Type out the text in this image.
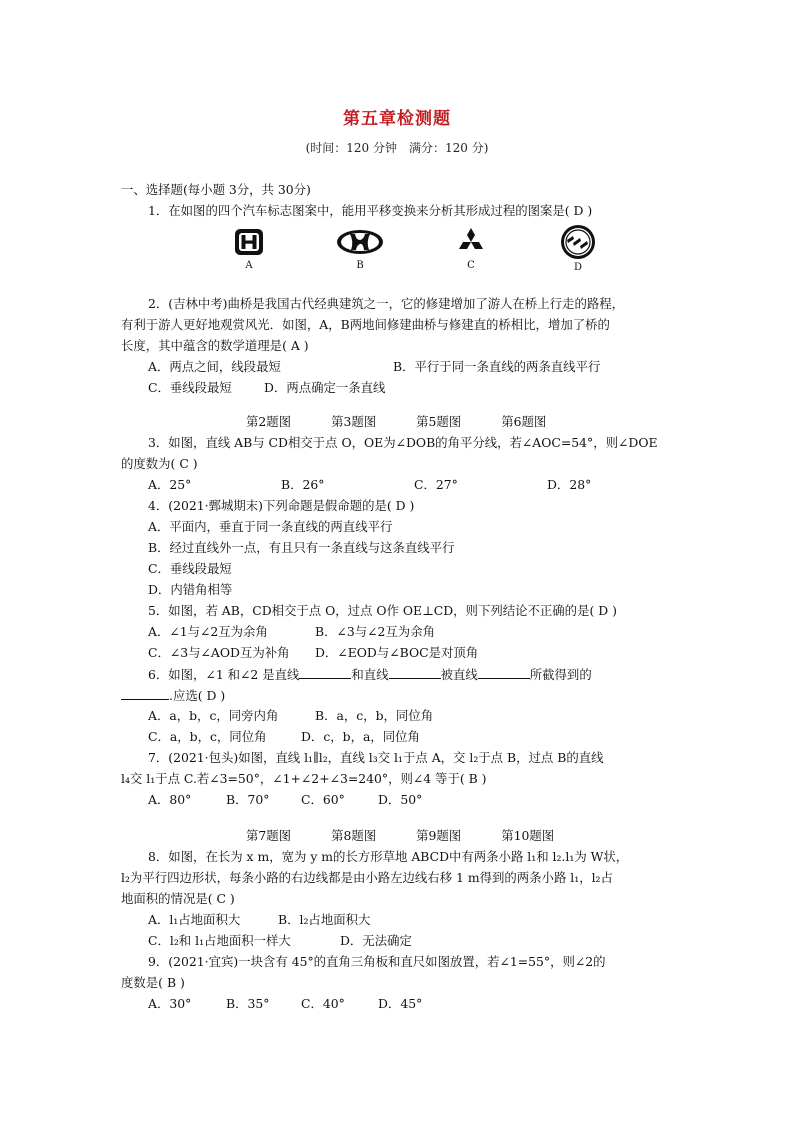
第五章检测题
(时间：120 分钟　满分：120 分)
一、选择题(每小题 3分，共 30分)
1．在如图的四个汽车标志图案中，能用平移变换来分析其形成过程的图案是( D )
A	B	C	D
2．(吉林中考)曲桥是我国古代经典建筑之一，它的修建增加了游人在桥上行走的路程，
有利于游人更好地观赏风光．如图，A，B两地间修建曲桥与修建直的桥相比，增加了桥的
长度，其中蕴含的数学道理是( A )
A．两点之间，线段最短	B．平行于同一条直线的两条直线平行
C．垂线段最短	D．两点确定一条直线
第2题图	第3题图	第5题图	第6题图
3．如图，直线 AB与 CD相交于点 O，OE为∠DOB的角平分线，若∠AOC=54°，则∠DOE
的度数为( C )
A．25°	B．26°	C．27°	D．28°
4．(2021·鄄城期末)下列命题是假命题的是( D )
A．平面内，垂直于同一条直线的两直线平行
B．经过直线外一点，有且只有一条直线与这条直线平行
C．垂线段最短
D．内错角相等
5．如图，若 AB，CD相交于点 O，过点 O作 OE⊥CD，则下列结论不正确的是( D )
A．∠1与∠2互为余角	B．∠3与∠2互为余角
C．∠3与∠AOD互为补角 D．∠EOD与∠BOC是对顶角
6．如图，∠1 和∠2 是直线	和直线	被直线	所截得到的
.应选( D )
A．a，b，c，同旁内角	B．a，c，b，同位角
C．a，b，c，同位角	D．c，b，a，同位角
7．(2021·包头)如图，直线 l₁∥l₂，直线 l₃交 l₁于点 A，交 l₂于点 B，过点 B的直线
l₄交 l₁于点 C.若∠3=50°，∠1+∠2+∠3=240°，则∠4 等于( B )
A．80°	B．70°	C．60°	D．50°
第7题图	第8题图	第9题图	第10题图
8．如图，在长为 x m，宽为 y m的长方形草地 ABCD中有两条小路 l₁和 l₂.l₁为 W状，
l₂为平行四边形状，每条小路的右边线都是由小路左边线右移 1 m得到的两条小路 l₁，l₂占
地面积的情况是( C )
A．l₁占地面积大	B．l₂占地面积大
C．l₂和 l₁占地面积一样大	D．无法确定
9．(2021·宜宾)一块含有 45°的直角三角板和直尺如图放置，若∠1=55°，则∠2的
度数是( B )
A．30°	B．35°	C．40°	D．45°
